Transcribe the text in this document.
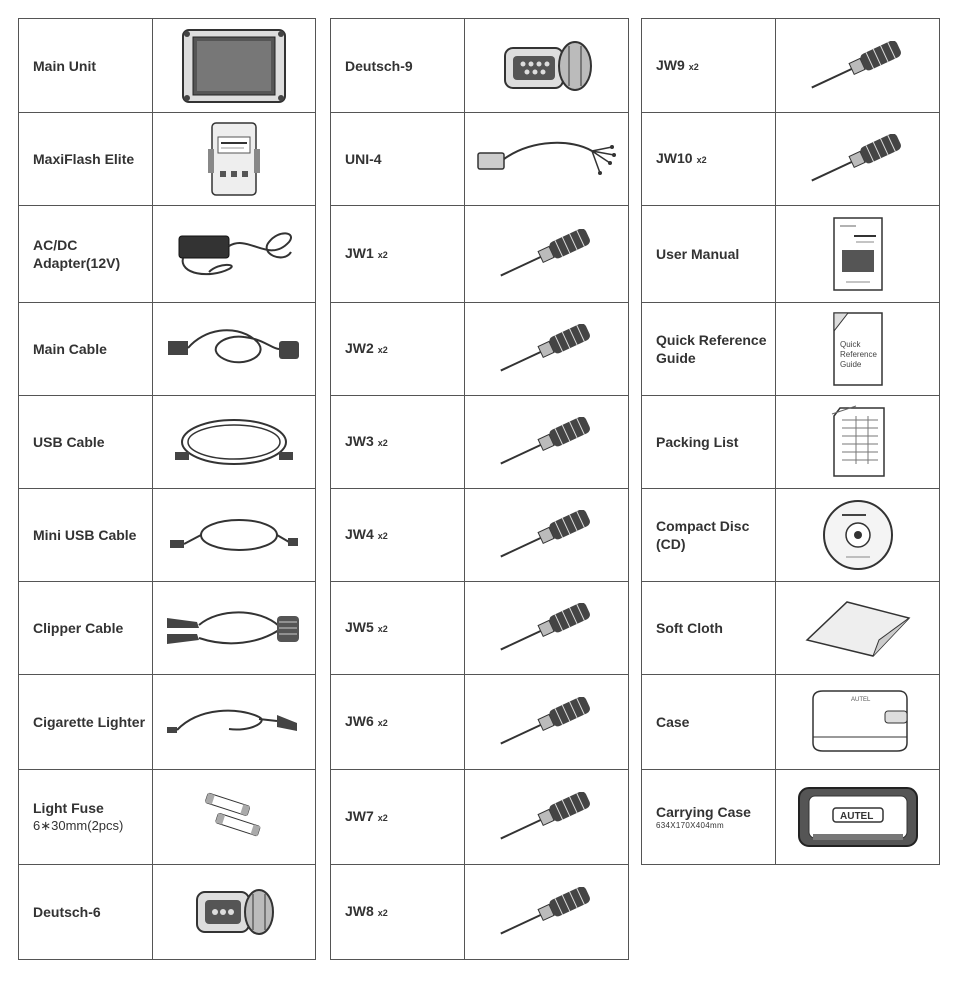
Main Unit
MaxiFlash Elite
AC/DC
Adapter(12V)
Main Cable
USB Cable
Mini USB Cable
Clipper Cable
Cigarette Lighter
Light Fuse
6∗30mm(2pcs)
Deutsch-6
Deutsch-9
UNI-4
JW1 x2
JW2 x2
JW3 x2
JW4 x2
JW5 x2
JW6 x2
JW7 x2
JW8 x2
JW9 x2
JW10 x2
User Manual
Quick Reference
Guide
Quick
Reference
Guide
Packing List
Compact Disc
(CD)
Soft Cloth
Case
AUTEL
Carrying Case
634X170X404mm
AUTEL
